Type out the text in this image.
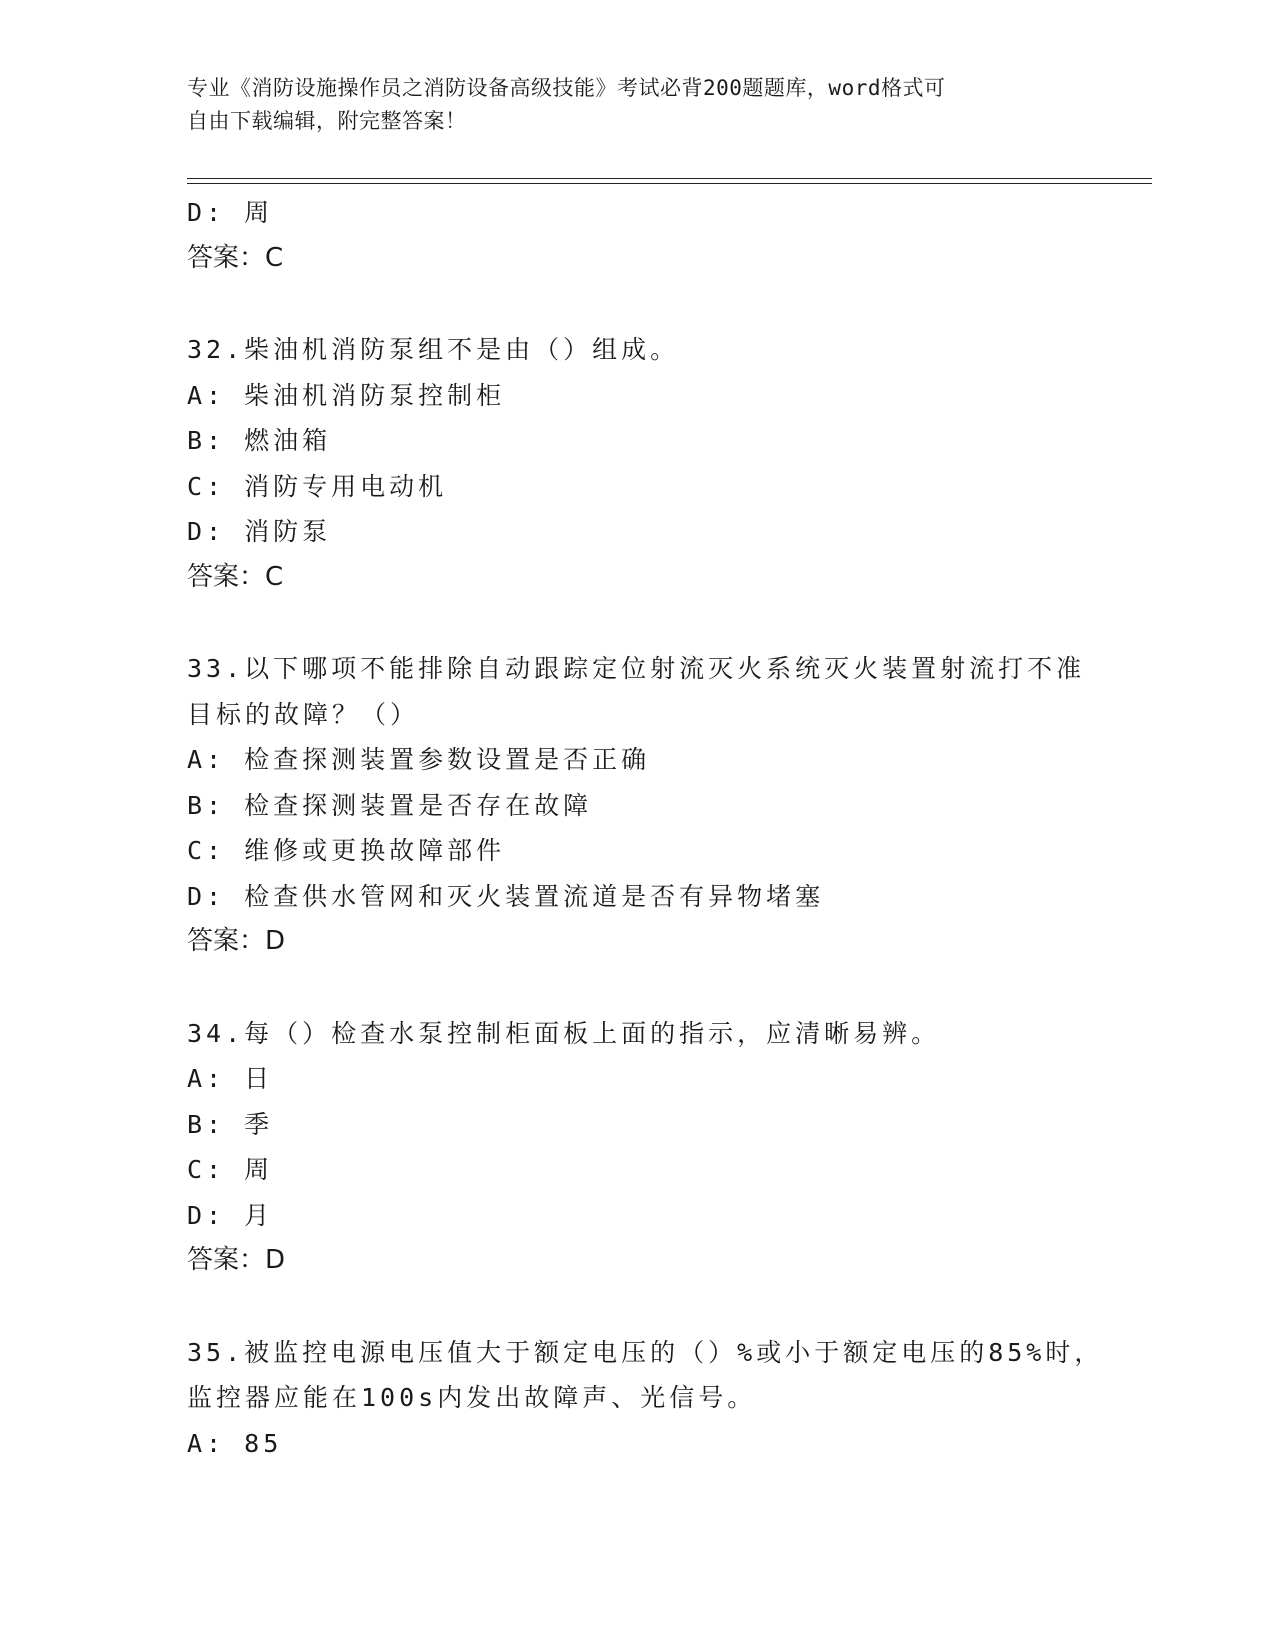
专业《消防设施操作员之消防设备高级技能》考试必背200题题库，word格式可
自由下载编辑，附完整答案！
D: 周
答案：C
32.柴油机消防泵组不是由（）组成。
A: 柴油机消防泵控制柜
B: 燃油箱
C: 消防专用电动机
D: 消防泵
答案：C
33.以下哪项不能排除自动跟踪定位射流灭火系统灭火装置射流打不准
目标的故障？（）
A: 检查探测装置参数设置是否正确
B: 检查探测装置是否存在故障
C: 维修或更换故障部件
D: 检查供水管网和灭火装置流道是否有异物堵塞
答案：D
34.每（）检查水泵控制柜面板上面的指示，应清晰易辨。
A: 日
B: 季
C: 周
D: 月
答案：D
35.被监控电源电压值大于额定电压的（）%或小于额定电压的85%时，
监控器应能在100s内发出故障声、光信号。
A: 85
